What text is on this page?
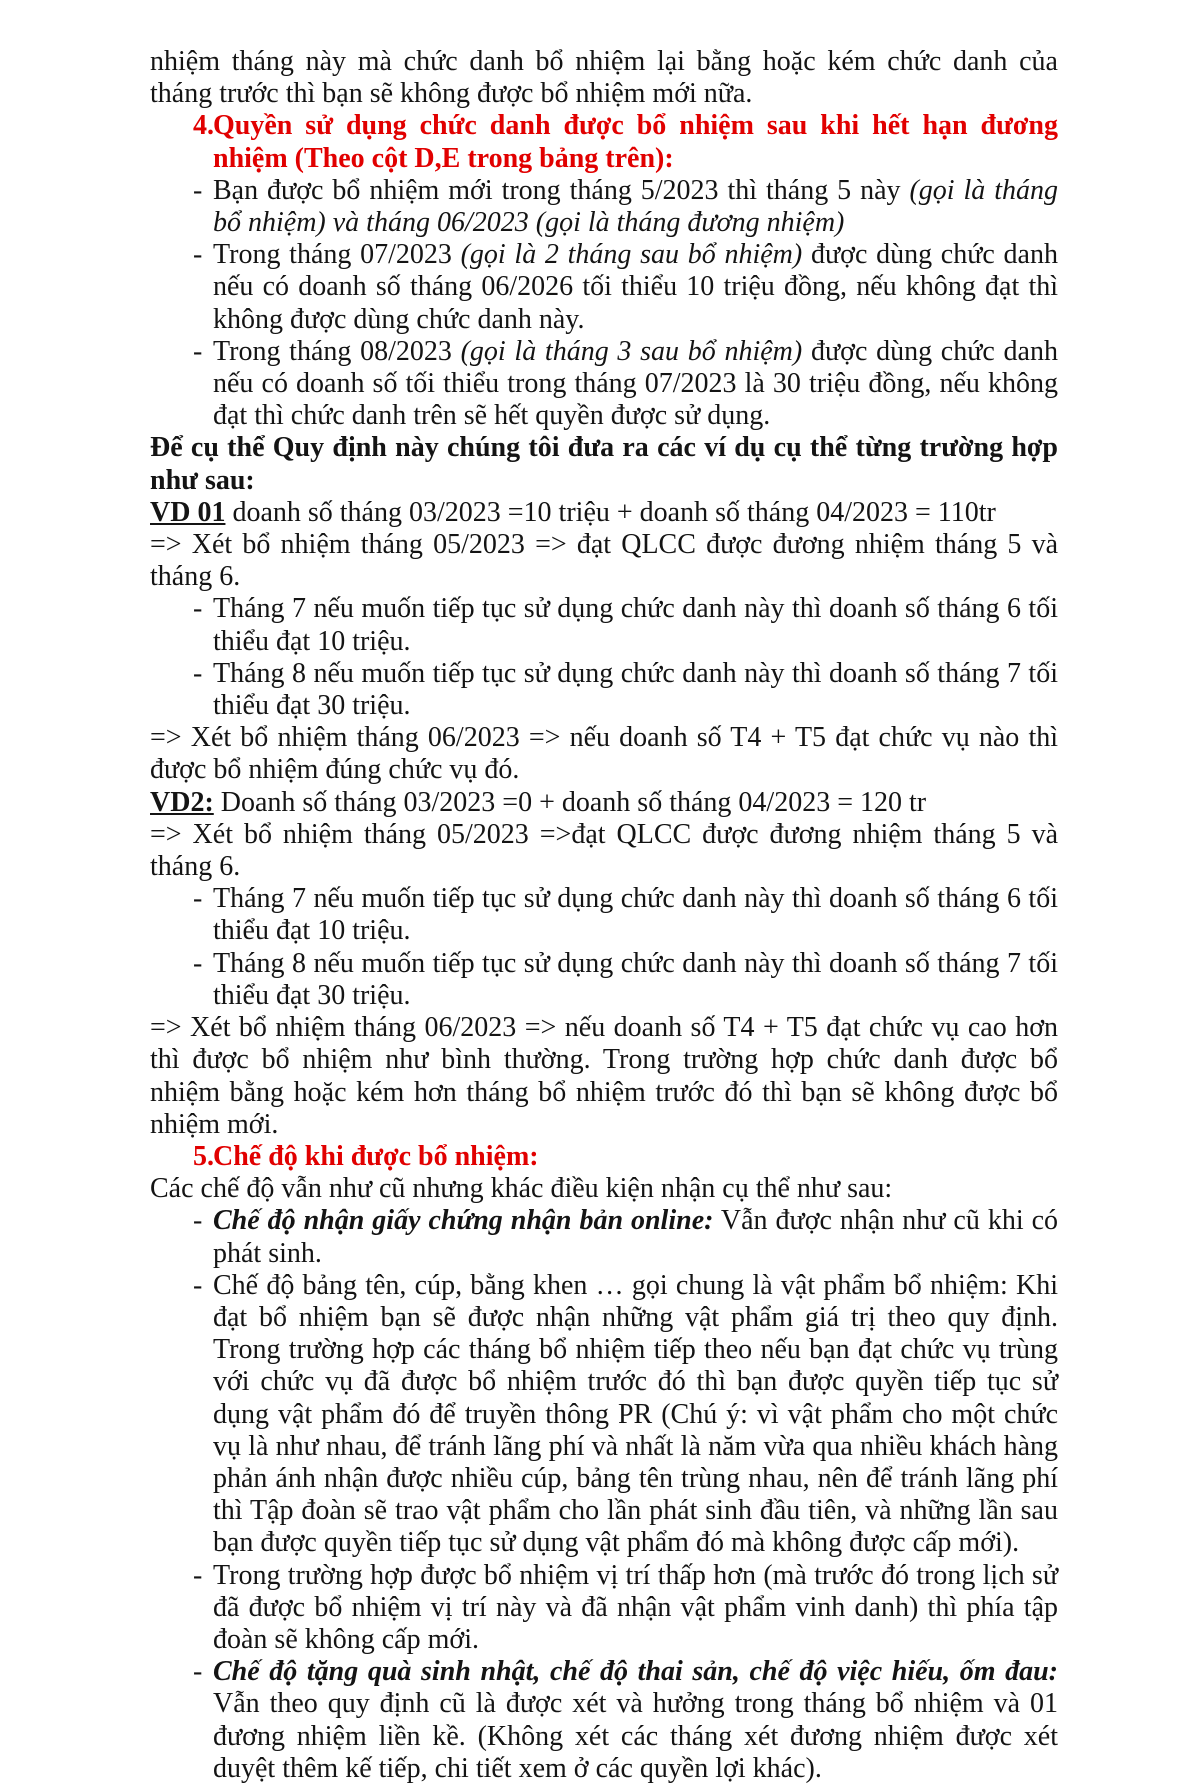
nhiệm tháng này mà chức danh bổ nhiệm lại bằng hoặc kém chức danh của tháng trước thì bạn sẽ không được bổ nhiệm mới nữa.

4. Quyền sử dụng chức danh được bổ nhiệm sau khi hết hạn đương nhiệm (Theo cột D,E trong bảng trên):
- Bạn được bổ nhiệm mới trong tháng 5/2023 thì tháng 5 này (gọi là tháng bổ nhiệm) và tháng 06/2023 (gọi là tháng đương nhiệm)
- Trong tháng 07/2023 (gọi là 2 tháng sau bổ nhiệm) được dùng chức danh nếu có doanh số tháng 06/2026 tối thiểu 10 triệu đồng, nếu không đạt thì không được dùng chức danh này.
- Trong tháng 08/2023 (gọi là tháng 3 sau bổ nhiệm) được dùng chức danh nếu có doanh số tối thiểu trong tháng 07/2023 là 30 triệu đồng, nếu không đạt thì chức danh trên sẽ hết quyền được sử dụng.

Để cụ thể Quy định này chúng tôi đưa ra các ví dụ cụ thể từng trường hợp như sau:

VD 01 doanh số tháng 03/2023 =10 triệu + doanh số tháng 04/2023 = 110tr

=> Xét bổ nhiệm tháng 05/2023 => đạt QLCC được đương nhiệm tháng 5 và tháng 6.

- Tháng 7 nếu muốn tiếp tục sử dụng chức danh này thì doanh số tháng 6 tối thiểu đạt 10 triệu.
- Tháng 8 nếu muốn tiếp tục sử dụng chức danh này thì doanh số tháng 7 tối thiểu đạt 30 triệu.

=> Xét bổ nhiệm tháng 06/2023 => nếu doanh số T4 + T5 đạt chức vụ nào thì được bổ nhiệm đúng chức vụ đó.

VD2: Doanh số tháng 03/2023 =0 + doanh số tháng 04/2023 = 120 tr

=> Xét bổ nhiệm tháng 05/2023 =>đạt QLCC được đương nhiệm tháng 5 và tháng 6.

- Tháng 7 nếu muốn tiếp tục sử dụng chức danh này thì doanh số tháng 6 tối thiểu đạt 10 triệu.
- Tháng 8 nếu muốn tiếp tục sử dụng chức danh này thì doanh số tháng 7 tối thiểu đạt 30 triệu.

=> Xét bổ nhiệm tháng 06/2023 => nếu doanh số T4 + T5 đạt chức vụ cao hơn thì được bổ nhiệm như bình thường. Trong trường hợp chức danh được bổ nhiệm bằng hoặc kém hơn tháng bổ nhiệm trước đó thì bạn sẽ không được bổ nhiệm mới.

5. Chế độ khi được bổ nhiệm:

Các chế độ vẫn như cũ nhưng khác điều kiện nhận cụ thể như sau:

- Chế độ nhận giấy chứng nhận bản online: Vẫn được nhận như cũ khi có phát sinh.
- Chế độ bảng tên, cúp, bằng khen … gọi chung là vật phẩm bổ nhiệm: Khi đạt bổ nhiệm bạn sẽ được nhận những vật phẩm giá trị theo quy định. Trong trường hợp các tháng bổ nhiệm tiếp theo nếu bạn đạt chức vụ trùng với chức vụ đã được bổ nhiệm trước đó thì bạn được quyền tiếp tục sử dụng vật phẩm đó để truyền thông PR (Chú ý: vì vật phẩm cho một chức vụ là như nhau, để tránh lãng phí và nhất là năm vừa qua nhiều khách hàng phản ánh nhận được nhiều cúp, bảng tên trùng nhau, nên để tránh lãng phí thì Tập đoàn sẽ trao vật phẩm cho lần phát sinh đầu tiên, và những lần sau bạn được quyền tiếp tục sử dụng vật phẩm đó mà không được cấp mới).
- Trong trường hợp được bổ nhiệm vị trí thấp hơn (mà trước đó trong lịch sử đã được bổ nhiệm vị trí này và đã nhận vật phẩm vinh danh) thì phía tập đoàn sẽ không cấp mới.
- Chế độ tặng quà sinh nhật, chế độ thai sản, chế độ việc hiếu, ốm đau: Vẫn theo quy định cũ là được xét và hưởng trong tháng bổ nhiệm và 01 đương nhiệm liền kề. (Không xét các tháng xét đương nhiệm được xét duyệt thêm kế tiếp, chi tiết xem ở các quyền lợi khác).
